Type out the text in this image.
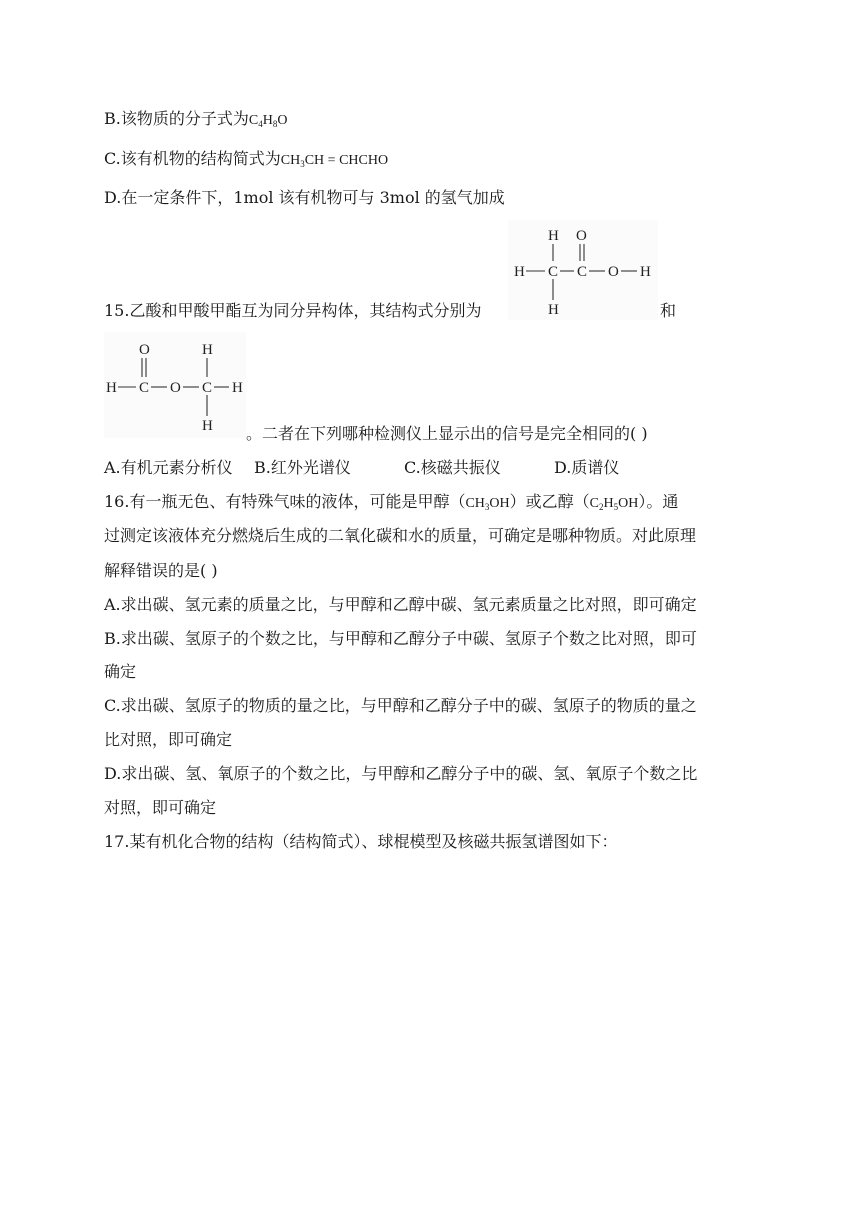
B.该物质的分子式为$C_4H_8O$
C.该有机物的结构简式为$CH_3CH$ = CHCHO
D.在一定条件下，1mol 该有机物可与 3mol 的氢气加成
H O
H C C O H
H
15.乙酸和甲酸甲酯互为同分异构体，其结构式分别为	和
O	H
H C O C H
H 。二者在下列哪种检测仪上显示出的信号是完全相同的( )
A.有机元素分析仪 B.红外光谱仪	C.核磁共振仪	D.质谱仪
16.有一瓶无色、有特殊气味的液体，可能是甲醇$(CH_3OH)$或乙醇$(C_2H_5OH)$。通
过测定该液体充分燃烧后生成的二氧化碳和水的质量，可确定是哪种物质。对此原理
解释错误的是( )
A.求出碳、氢元素的质量之比，与甲醇和乙醇中碳、氢元素质量之比对照，即可确定
B.求出碳、氢原子的个数之比，与甲醇和乙醇分子中碳、氢原子个数之比对照，即可
确定
C.求出碳、氢原子的物质的量之比，与甲醇和乙醇分子中的碳、氢原子的物质的量之
比对照，即可确定
D.求出碳、氢、氧原子的个数之比，与甲醇和乙醇分子中的碳、氢、氧原子个数之比
对照，即可确定
17.某有机化合物的结构（结构简式）、球棍模型及核磁共振氢谱图如下：
